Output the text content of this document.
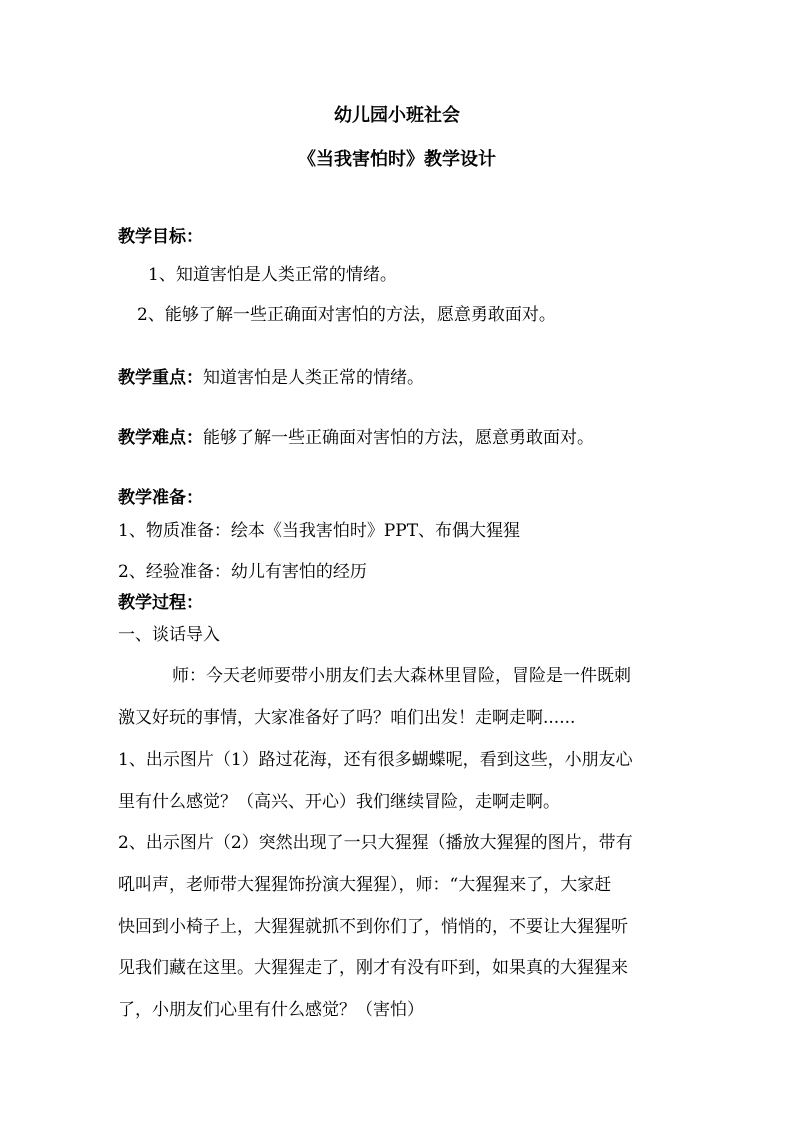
幼儿园小班社会
《当我害怕时》教学设计

教学目标：

1、知道害怕是人类正常的情绪。

2、能够了解一些正确面对害怕的方法，愿意勇敢面对。

教学重点：知道害怕是人类正常的情绪。

教学难点：能够了解一些正确面对害怕的方法，愿意勇敢面对。

教学准备：

1、物质准备：绘本《当我害怕时》PPT、布偶大猩猩

2、经验准备：幼儿有害怕的经历

教学过程：

一、谈话导入

师：今天老师要带小朋友们去大森林里冒险，冒险是一件既刺

激又好玩的事情，大家准备好了吗？咱们出发！走啊走啊......

1、出示图片（1）路过花海，还有很多蝴蝶呢，看到这些，小朋友心

里有什么感觉？（高兴、开心）我们继续冒险，走啊走啊。

2、出示图片（2）突然出现了一只大猩猩（播放大猩猩的图片，带有

吼叫声，老师带大猩猩饰扮演大猩猩），师：“大猩猩来了，大家赶

快回到小椅子上，大猩猩就抓不到你们了，悄悄的，不要让大猩猩听

见我们藏在这里。大猩猩走了，刚才有没有吓到，如果真的大猩猩来

了，小朋友们心里有什么感觉？（害怕）
